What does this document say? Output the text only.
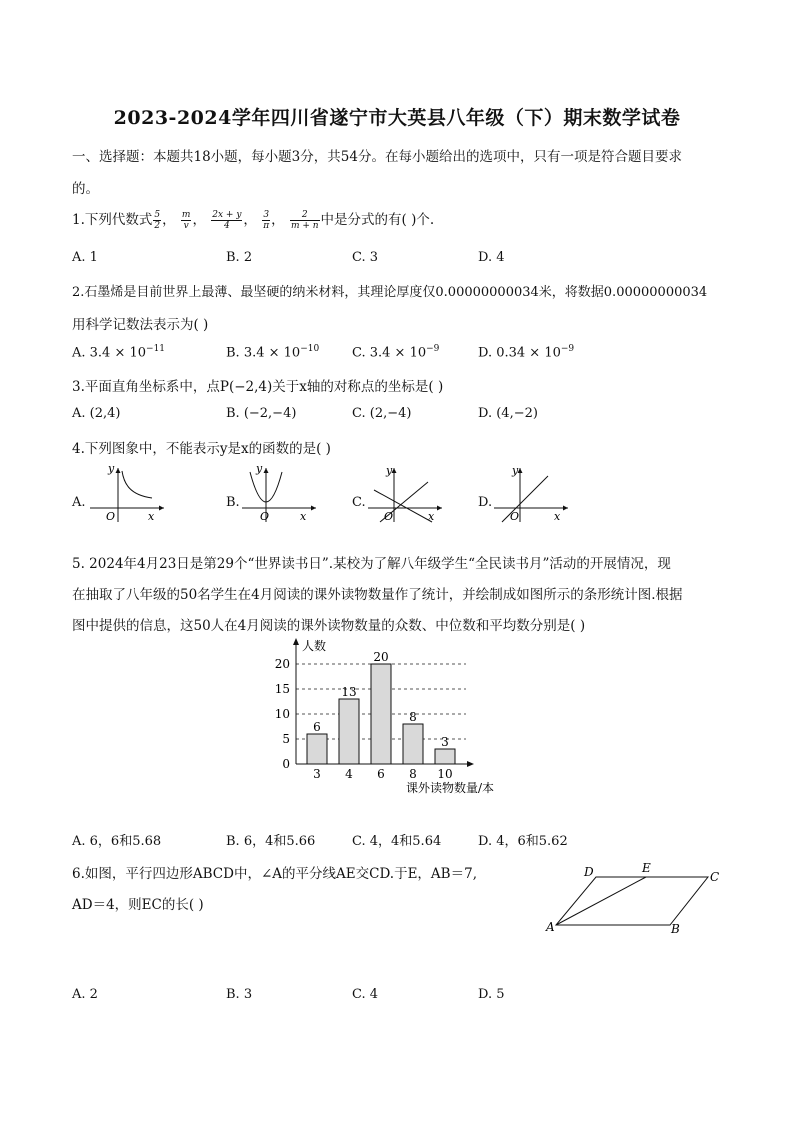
2023-2024学年四川省遂宁市大英县八年级（下）期末数学试卷
一、选择题：本题共18小题，每小题3分，共54分。在每小题给出的选项中，只有一项是符合题目要求
的。
1.下列代数式 $\frac{5}{2}$ ， $\frac{m}{v}$ ， $\frac{2x + y}{4}$ ， $\frac{3}{\pi}$ ， $\frac{2}{m + n}$ 中是分式的有( )个.
A. 1	B. 2	C. 3	D. 4
2.石墨烯是目前世界上最薄、最坚硬的纳米材料，其理论厚度仅0.00000000034米，将数据0.00000000034
用科学记数法表示为( )
A. $3.4 \times 10^{-11}$	B. $3.4 \times 10^{-10}$	C. $3.4 \times 10^{-9}$	D. $0.34 \times 10^{-9}$
3.平面直角坐标系中，点P(−2,4)关于x轴的对称点的坐标是( )
A. (2,4)	B. (−2,−4)	C. (2,−4)	D. (4,−2)
4.下列图象中，不能表示y是x的函数的是( )
A.	B.	C.	D.
y
O	x
y
O	x
y
O	x
y
O	x
5. 2024年4月23日是第29个“世界读书日”.某校为了解八年级学生“全民读书月”活动的开展情况，现
在抽取了八年级的50名学生在4月阅读的课外读物数量作了统计，并绘制成如图所示的条形统计图.根据
图中提供的信息，这50人在4月阅读的课外读物数量的众数、中位数和平均数分别是( )
0
5
10
15
20
6
3
13
4
20
6
8
8
3
10
人数
课外读物数量/本
A. 6，6和5.68	B. 6，4和5.66	C. 4，4和5.64	D. 4，6和5.62
6.如图，平行四边形ABCD中，∠A的平分线AE交CD.于E，AB＝7,
AD＝4，则EC的长( )
A	B
C
D	E
A. 2	B. 3	C. 4	D. 5
